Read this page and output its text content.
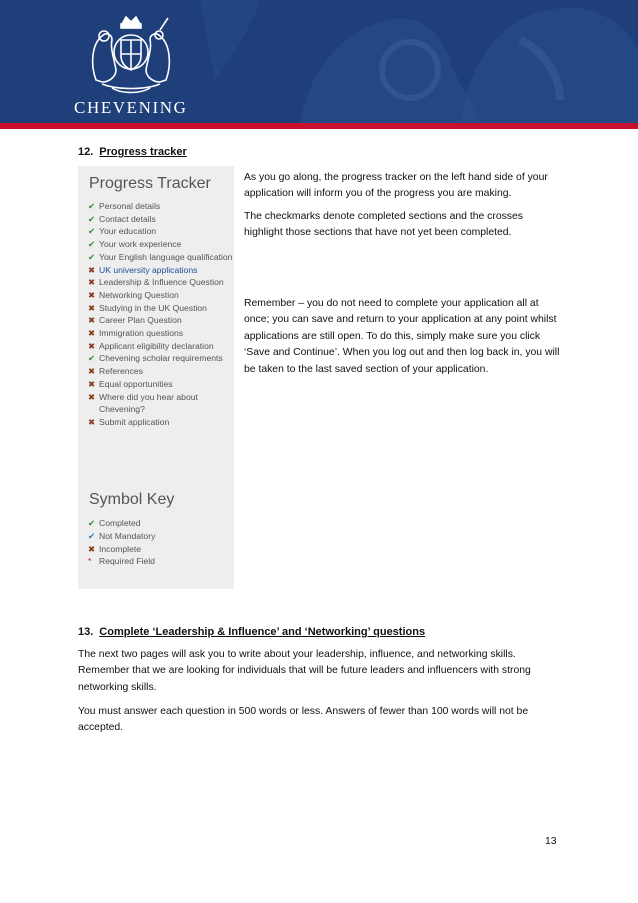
CHEVENING
12. Progress tracker
Progress Tracker
✔ Personal details
✔ Contact details
✔ Your education
✔ Your work experience
✔ Your English language qualification
✖ UK university applications
✖ Leadership & Influence Question
✖ Networking Question
✖ Studying in the UK Question
✖ Career Plan Question
✖ Immigration questions
✖ Applicant eligibility declaration
✔ Chevening scholar requirements
✖ References
✖ Equal opportunities
✖ Where did you hear about Chevening?
✖ Submit application
Symbol Key
✔ Completed
✔ Not Mandatory
✖ Incomplete
* Required Field

As you go along, the progress tracker on the left hand side of your application will inform you of the progress you are making.

The checkmarks denote completed sections and the crosses highlight those sections that have not yet been completed.

Remember – you do not need to complete your application all at once; you can save and return to your application at any point whilst applications are still open. To do this, simply make sure you click ‘Save and Continue’. When you log out and then log back in, you will be taken to the last saved section of your application.

13. Complete ‘Leadership & Influence’ and ‘Networking’ questions

The next two pages will ask you to write about your leadership, influence, and networking skills. Remember that we are looking for individuals that will be future leaders and influencers with strong networking skills.

You must answer each question in 500 words or less. Answers of fewer than 100 words will not be accepted.

13
